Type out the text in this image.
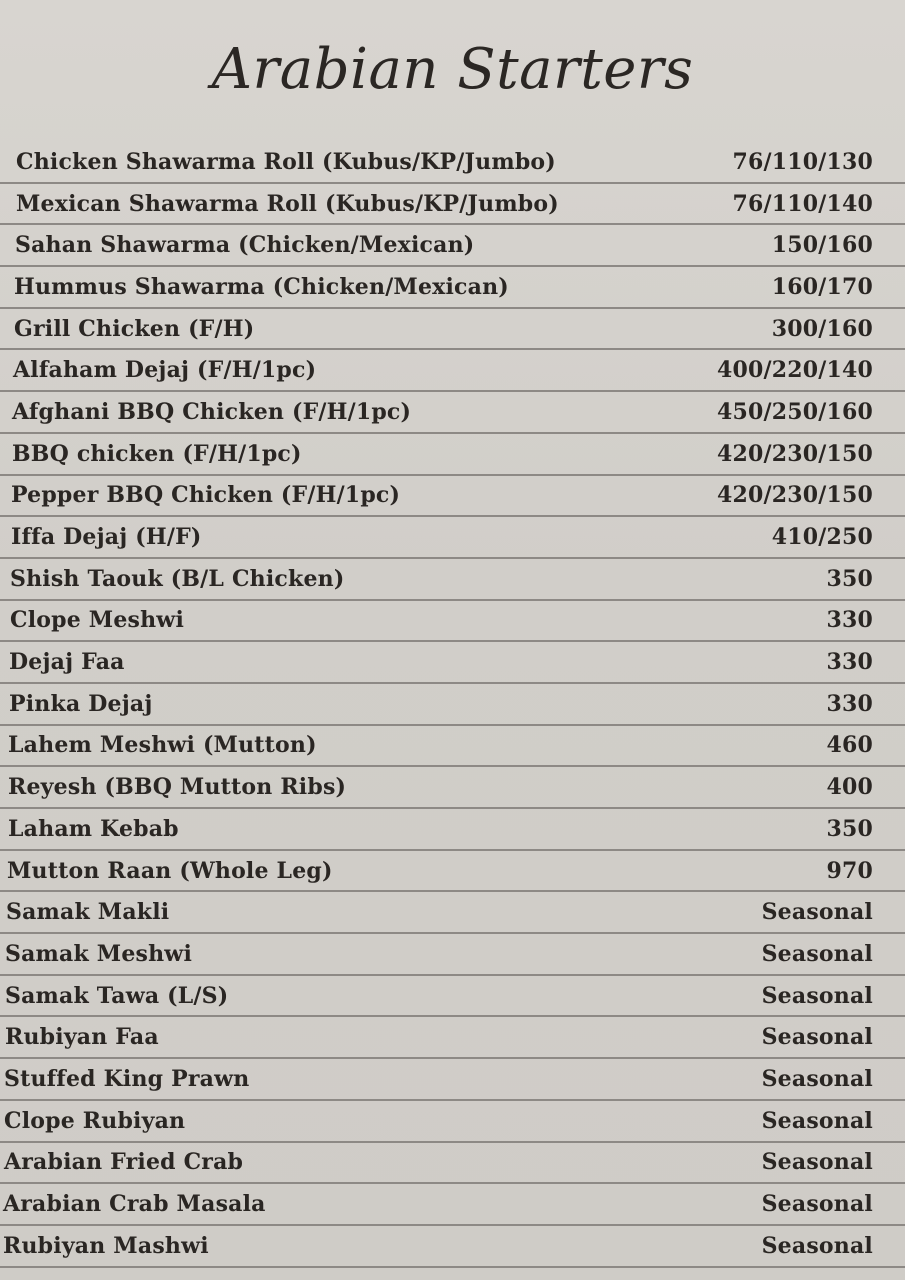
Arabian Starters
Chicken Shawarma Roll (Kubus/KP/Jumbo)	76/110/130
Mexican Shawarma Roll (Kubus/KP/Jumbo)	76/110/140
Sahan Shawarma (Chicken/Mexican)	150/160
Hummus Shawarma (Chicken/Mexican)	160/170
Grill Chicken (F/H)	300/160
Alfaham Dejaj (F/H/1pc)	400/220/140
Afghani BBQ Chicken (F/H/1pc)	450/250/160
BBQ chicken (F/H/1pc)	420/230/150
Pepper BBQ Chicken (F/H/1pc)	420/230/150
Iffa Dejaj (H/F)	410/250
Shish Taouk (B/L Chicken)	350
Clope Meshwi	330
Dejaj Faa	330
Pinka Dejaj	330
Lahem Meshwi (Mutton)	460
Reyesh (BBQ Mutton Ribs)	400
Laham Kebab	350
Mutton Raan (Whole Leg)	970
Samak Makli	Seasonal
Samak Meshwi	Seasonal
Samak Tawa (L/S)	Seasonal
Rubiyan Faa	Seasonal
Stuffed King Prawn	Seasonal
Clope Rubiyan	Seasonal
Arabian Fried Crab	Seasonal
Arabian Crab Masala	Seasonal
Rubiyan Mashwi	Seasonal
